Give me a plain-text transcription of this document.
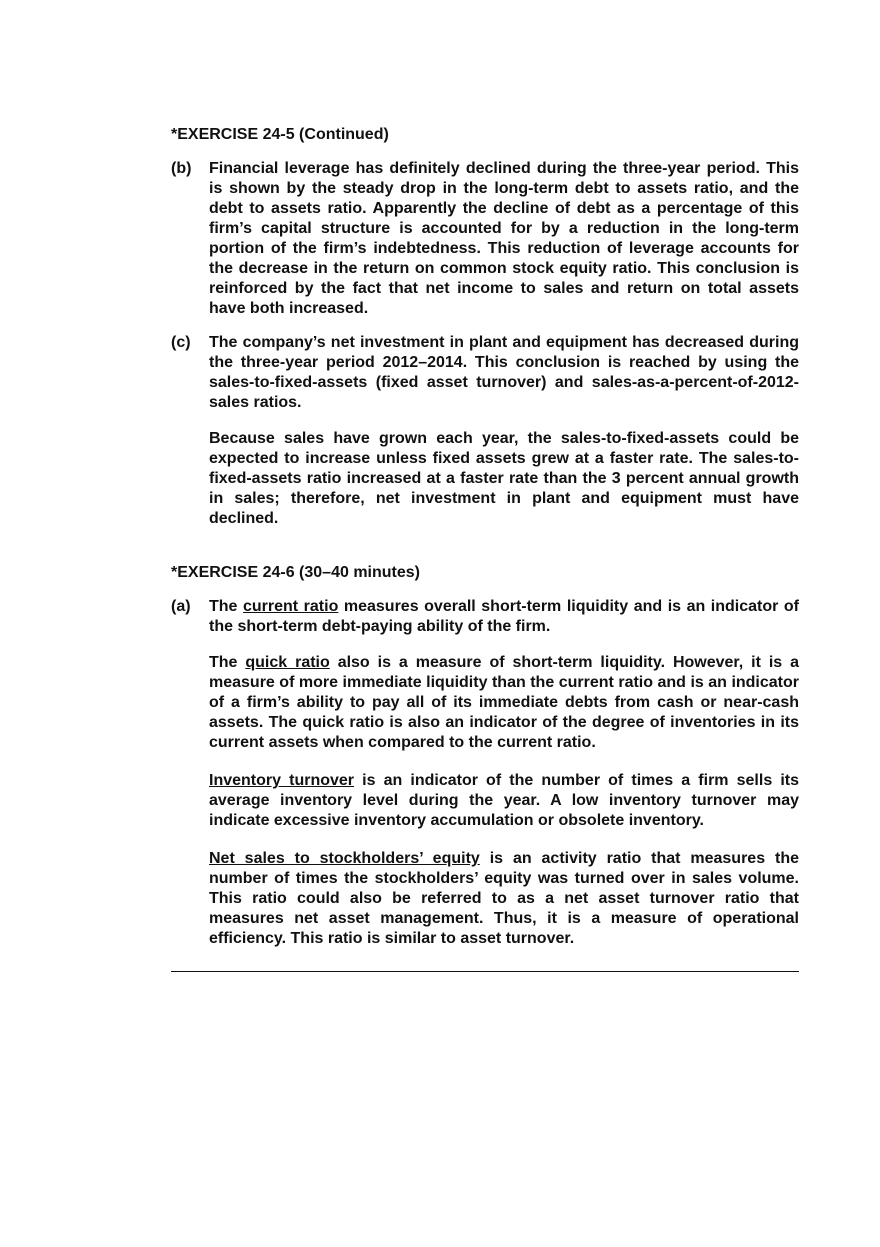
*EXERCISE 24-5 (Continued)

(b) Financial leverage has definitely declined during the three-year period. This is shown by the steady drop in the long-term debt to assets ratio, and the debt to assets ratio. Apparently the decline of debt as a percentage of this firm’s capital structure is accounted for by a reduction in the long-term portion of the firm’s indebtedness. This reduction of leverage accounts for the decrease in the return on common stock equity ratio. This conclusion is reinforced by the fact that net income to sales and return on total assets have both increased.

(c) The company’s net investment in plant and equipment has decreased during the three-year period 2012–2014. This conclusion is reached by using the sales-to-fixed-assets (fixed asset turnover) and sales-as-a-percent-of-2012-sales ratios.

Because sales have grown each year, the sales-to-fixed-assets could be expected to increase unless fixed assets grew at a faster rate. The sales-to-fixed-assets ratio increased at a faster rate than the 3 percent annual growth in sales; therefore, net investment in plant and equipment must have declined.

*EXERCISE 24-6 (30–40 minutes)

(a) The current ratio measures overall short-term liquidity and is an indicator of the short-term debt-paying ability of the firm.

The quick ratio also is a measure of short-term liquidity. However, it is a measure of more immediate liquidity than the current ratio and is an indicator of a firm’s ability to pay all of its immediate debts from cash or near-cash assets. The quick ratio is also an indicator of the degree of inventories in its current assets when compared to the current ratio.

Inventory turnover is an indicator of the number of times a firm sells its average inventory level during the year. A low inventory turnover may indicate excessive inventory accumulation or obsolete inventory.

Net sales to stockholders’ equity is an activity ratio that measures the number of times the stockholders’ equity was turned over in sales volume. This ratio could also be referred to as a net asset turnover ratio that measures net asset management. Thus, it is a measure of operational efficiency. This ratio is similar to asset turnover.
